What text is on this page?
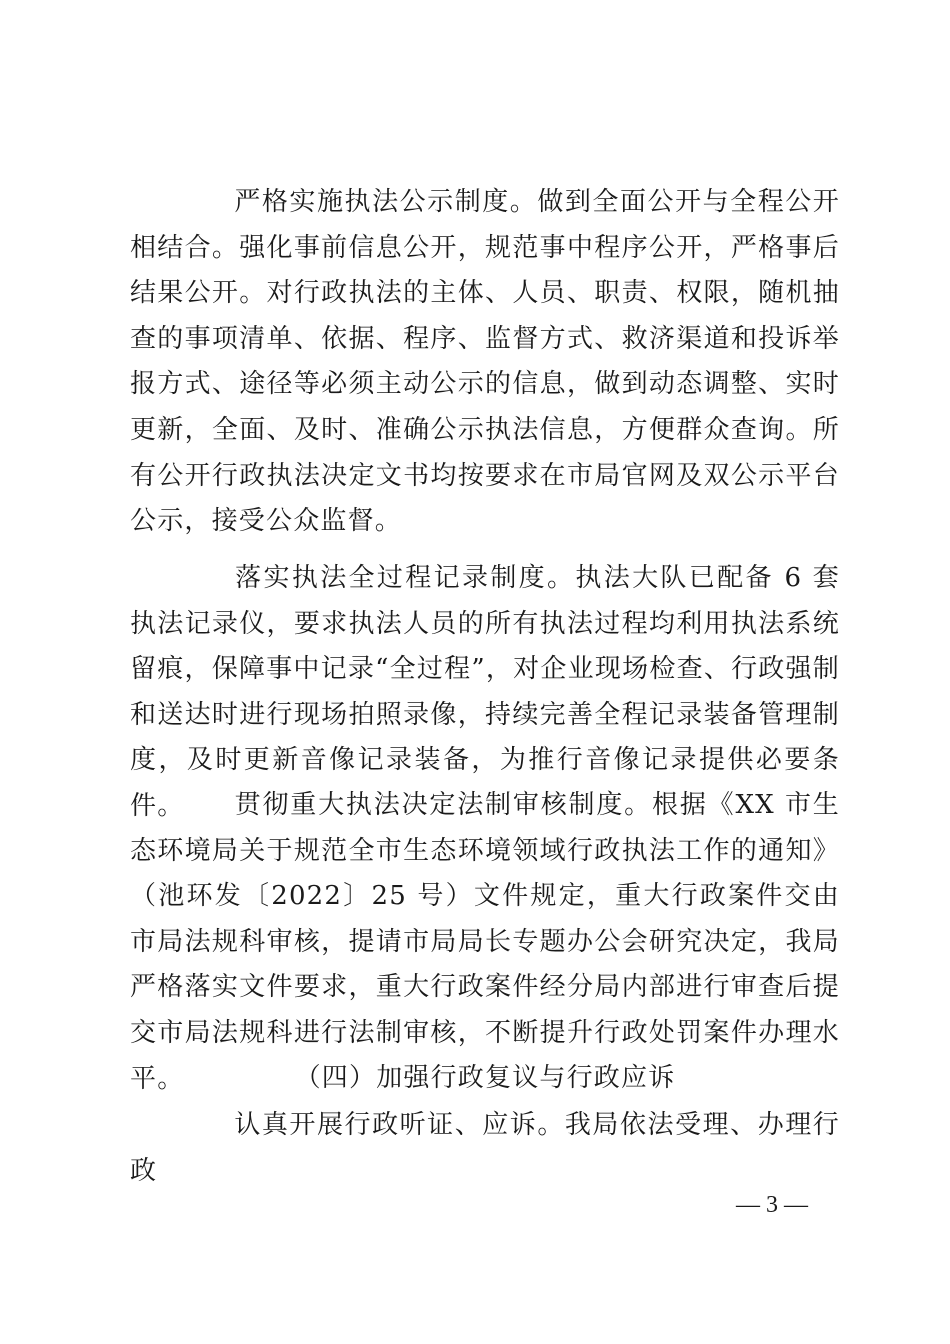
严格实施执法公示制度。做到全面公开与全程公开相结合。强化事前信息公开，规范事中程序公开，严格事后结果公开。对行政执法的主体、人员、职责、权限，随机抽查的事项清单、依据、程序、监督方式、救济渠道和投诉举报方式、途径等必须主动公示的信息，做到动态调整、实时更新，全面、及时、准确公示执法信息，方便群众查询。所有公开行政执法决定文书均按要求在市局官网及双公示平台公示，接受公众监督。

落实执法全过程记录制度。执法大队已配备 6 套执法记录仪，要求执法人员的所有执法过程均利用执法系统留痕，保障事中记录“全过程”，对企业现场检查、行政强制和送达时进行现场拍照录像，持续完善全程记录装备管理制度，及时更新音像记录装备，为推行音像记录提供必要条件。	贯彻重大执法决定法制审核制度。根据《XX 市生态环境局关于规范全市生态环境领域行政执法工作的通知》（池环发〔2022〕25 号）文件规定，重大行政案件交由市局法规科审核，提请市局局长专题办公会研究决定，我局严格落实文件要求，重大行政案件经分局内部进行审查后提交市局法规科进行法制审核，不断提升行政处罚案件办理水平。	（四）加强行政复议与行政应诉

认真开展行政听证、应诉。我局依法受理、办理行政

— 3 —
